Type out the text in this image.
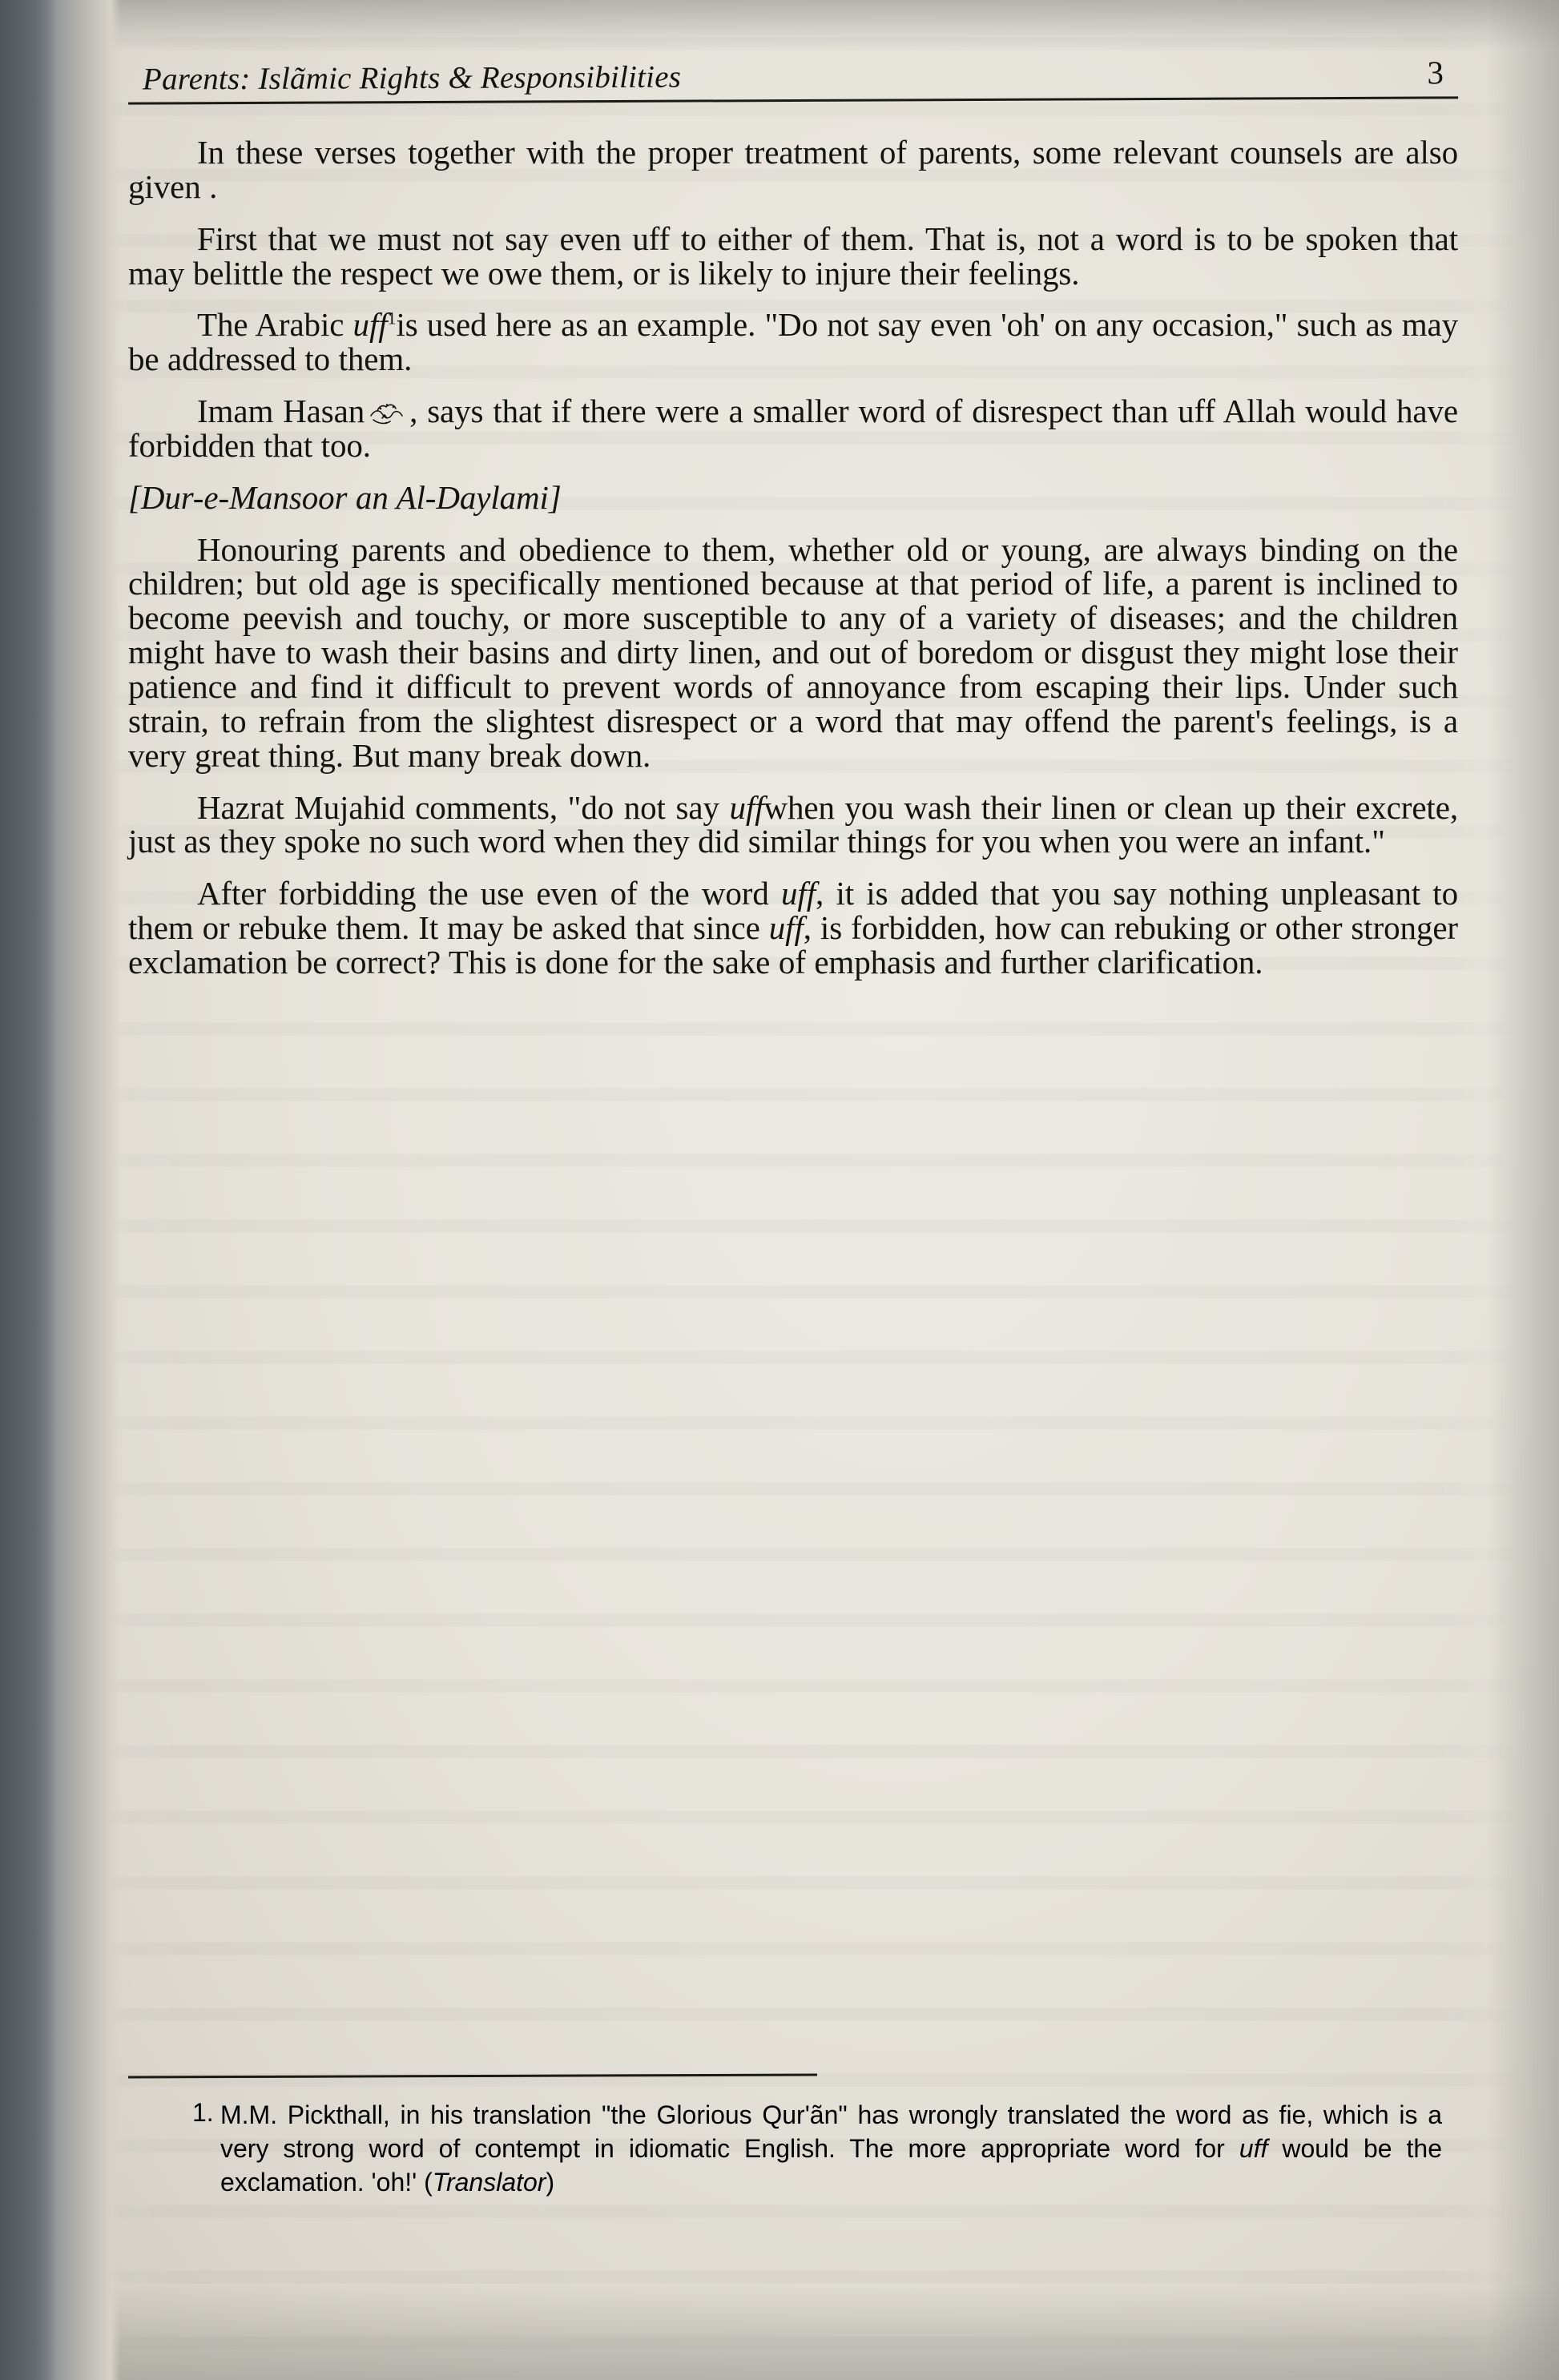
Parents: Islãmic Rights & Responsibilities	3

In these verses together with the proper treatment of parents, some relevant counsels are also given .

First that we must not say even uff to either of them. That is, not a word is to be spoken that may belittle the respect we owe them, or is likely to injure their feelings.

The Arabic uff$^1$is used here as an example. "Do not say even 'oh' on any occasion," such as may be addressed to them.

Imam Hasan , says that if there were a smaller word of disrespect than uff Allah would have forbidden that too.

[Dur-e-Mansoor an Al-Daylami]

Honouring parents and obedience to them, whether old or young, are always binding on the children; but old age is specifically mentioned because at that period of life, a parent is inclined to become peevish and touchy, or more susceptible to any of a variety of diseases; and the children might have to wash their basins and dirty linen, and out of boredom or disgust they might lose their patience and find it difficult to prevent words of annoyance from escaping their lips. Under such strain, to refrain from the slightest disrespect or a word that may offend the parent's feelings, is a very great thing. But many break down.

Hazrat Mujahid comments, "do not say uffwhen you wash their linen or clean up their excrete, just as they spoke no such word when they did similar things for you when you were an infant."

After forbidding the use even of the word uff, it is added that you say nothing unpleasant to them or rebuke them. It may be asked that since uff, is forbidden, how can rebuking or other stronger exclamation be correct? This is done for the sake of emphasis and further clarification.

1. M.M. Pickthall, in his translation "the Glorious Qur'ãn" has wrongly translated the word as fie, which is a very strong word of contempt in idiomatic English. The more appropriate word for uff would be the exclamation. 'oh!' (Translator)
